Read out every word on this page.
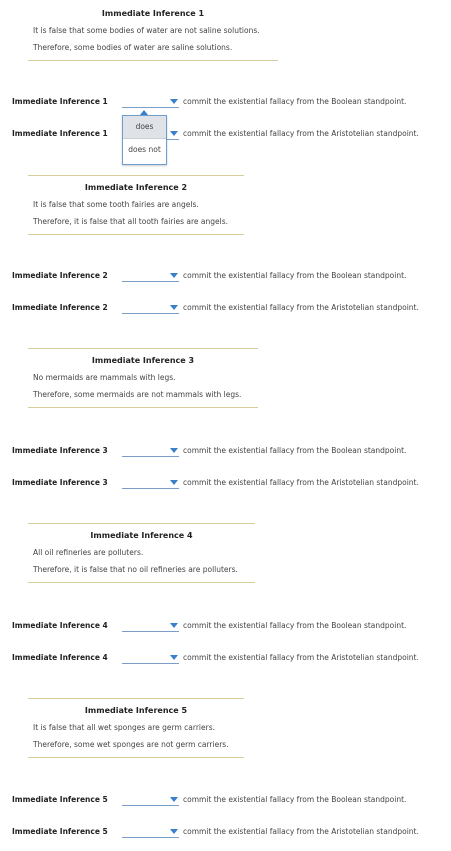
Immediate Inference 1
It is false that some bodies of water are not saline solutions.
Therefore, some bodies of water are saline solutions.
Immediate Inference 2
It is false that some tooth fairies are angels.
Therefore, it is false that all tooth fairies are angels.
Immediate Inference 3
No mermaids are mammals with legs.
Therefore, some mermaids are not mammals with legs.
Immediate Inference 4
All oil refineries are polluters.
Therefore, it is false that no oil refineries are polluters.
Immediate Inference 5
It is false that all wet sponges are germ carriers.
Therefore, some wet sponges are not germ carriers.
Immediate Inference 1	commit the existential fallacy from the Boolean standpoint.
Immediate Inference 1	commit the existential fallacy from the Aristotelian standpoint.
Immediate Inference 2	commit the existential fallacy from the Boolean standpoint.
Immediate Inference 2	commit the existential fallacy from the Aristotelian standpoint.
Immediate Inference 3	commit the existential fallacy from the Boolean standpoint.
Immediate Inference 3	commit the existential fallacy from the Aristotelian standpoint.
Immediate Inference 4	commit the existential fallacy from the Boolean standpoint.
Immediate Inference 4	commit the existential fallacy from the Aristotelian standpoint.
Immediate Inference 5	commit the existential fallacy from the Boolean standpoint.
Immediate Inference 5	commit the existential fallacy from the Aristotelian standpoint.
does
does not
